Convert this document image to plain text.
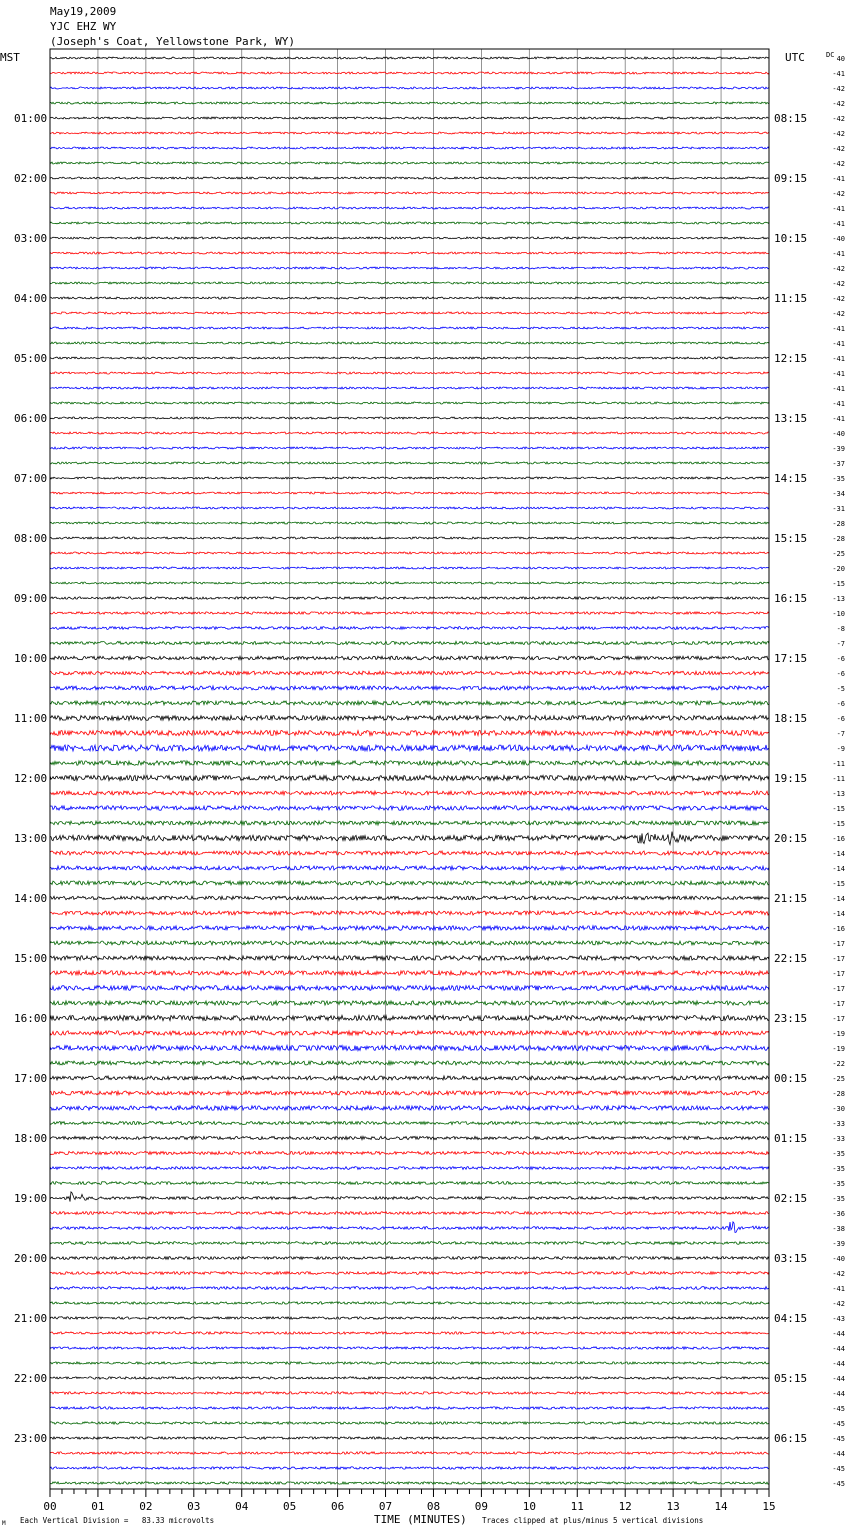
May19,2009
YJC EHZ WY
(Joseph's Coat, Yellowstone Park, WY)
MST	UTC	DC
01:00
02:00
03:00
04:00
05:00
06:00
07:00
08:00
09:00
10:00
11:00
12:00
13:00
14:00
15:00
16:00
17:00
18:00
19:00
20:00
21:00
22:00
23:00
08:15
09:15
10:15
11:15
12:15
13:15
14:15
15:15
16:15
17:15
18:15
19:15
20:15
21:15
22:15
23:15
00:15
01:15
02:15
03:15
04:15
05:15
06:15
40
-41
-42
-42
-42
-42
-42
-42
-41
-42
-41
-41
-40
-41
-42
-42
-42
-42
-41
-41
-41
-41
-41
-41
-41
-40
-39
-37
-35
-34
-31
-28
-28
-25
-20
-15
-13
-10
-8
-7
-6
-6
-5
-6
-6
-7
-9
-11
-11
-13
-15
-15
-16
-14
-14
-15
-14
-14
-16
-17
-17
-17
-17
-17
-17
-19
-19
-22
-25
-28
-30
-33
-33
-35
-35
-35
-35
-36
-38
-39
-40
-42
-41
-42
-43
-44
-44
-44
-44
-44
-45
-45
-45
-44
-45
-45
00	01	02	03	04	05	06	07	08	09	10	11	12	13	14	15
M Each Vertical Division =   83.33 microvolts	TIME (MINUTES) Traces clipped at plus/minus 5 vertical divisions
